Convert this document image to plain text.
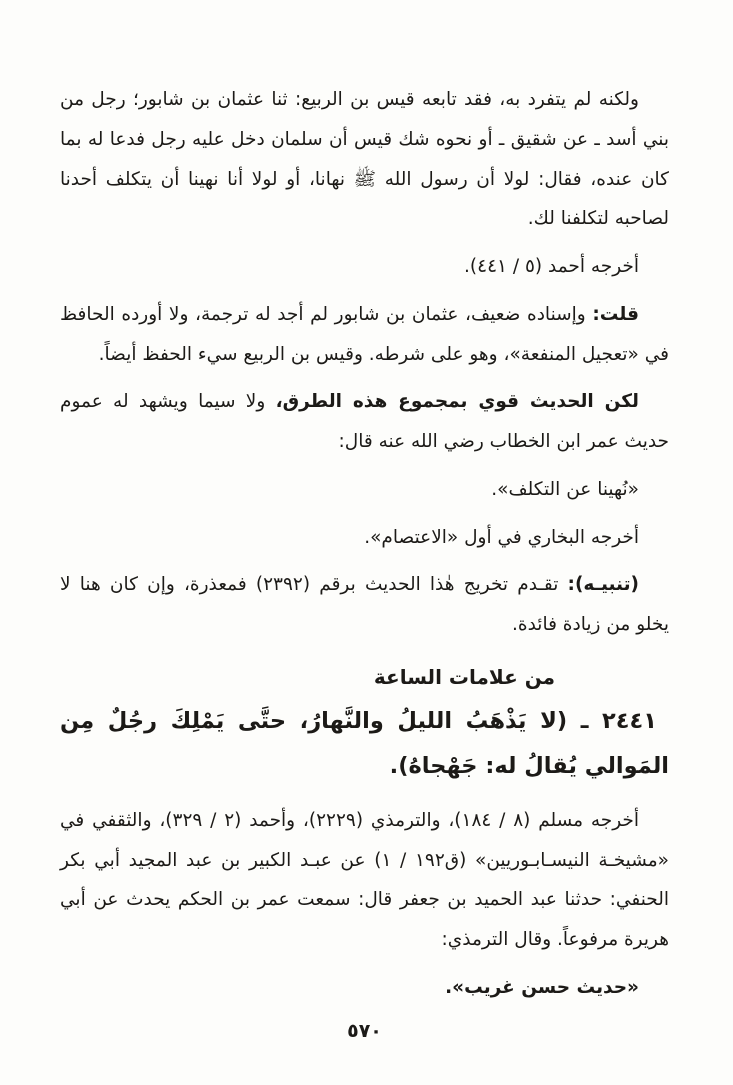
ولكنه لم يتفرد به، فقد تابعه قيس بن الربيع: ثنا عثمان بن شابور؛ رجل من بني أسد ـ عن شقيق ـ أو نحوه شك قيس أن سلمان دخل عليه رجل فدعا له بما كان عنده، فقال: لولا أن رسول الله ﷺ نهانا، أو لولا أنا نهينا أن يتكلف أحدنا لصاحبه لتكلفنا لك.

أخرجه أحمد (٥ / ٤٤١).

قلت: وإسناده ضعيف، عثمان بن شابور لم أجد له ترجمة، ولا أورده الحافظ في «تعجيل المنفعة»، وهو على شرطه. وقيس بن الربيع سيء الحفظ أيضاً.

لكن الحديث قوي بمجموع هذه الطرق، ولا سيما ويشهد له عموم حديث عمر ابن الخطاب رضي الله عنه قال:

«نُهينا عن التكلف».

أخرجه البخاري في أول «الاعتصام».

(تنبيـه): تقـدم تخريج هٰذا الحديث برقم (٢٣٩٢) فمعذرة، وإن كان هنا لا يخلو من زيادة فائدة.

من علامات الساعة

٢٤٤١ ـ (لا يَذْهَبُ الليلُ والنَّهارُ، حتَّى يَمْلِكَ رجُلٌ مِن المَوالي يُقالُ له: جَهْجاهُ).

أخرجه مسلم (٨ / ١٨٤)، والترمذي (٢٢٢٩)، وأحمد (٢ / ٣٢٩)، والثقفي في «مشيخـة النيسـابـوريين» (ق١٩٢ / ١) عن عبـد الكبير بن عبد المجيد أبي بكر الحنفي: حدثنا عبد الحميد بن جعفر قال: سمعت عمر بن الحكم يحدث عن أبي هريرة مرفوعاً. وقال الترمذي:

«حديث حسن غريب».

٥٧٠
